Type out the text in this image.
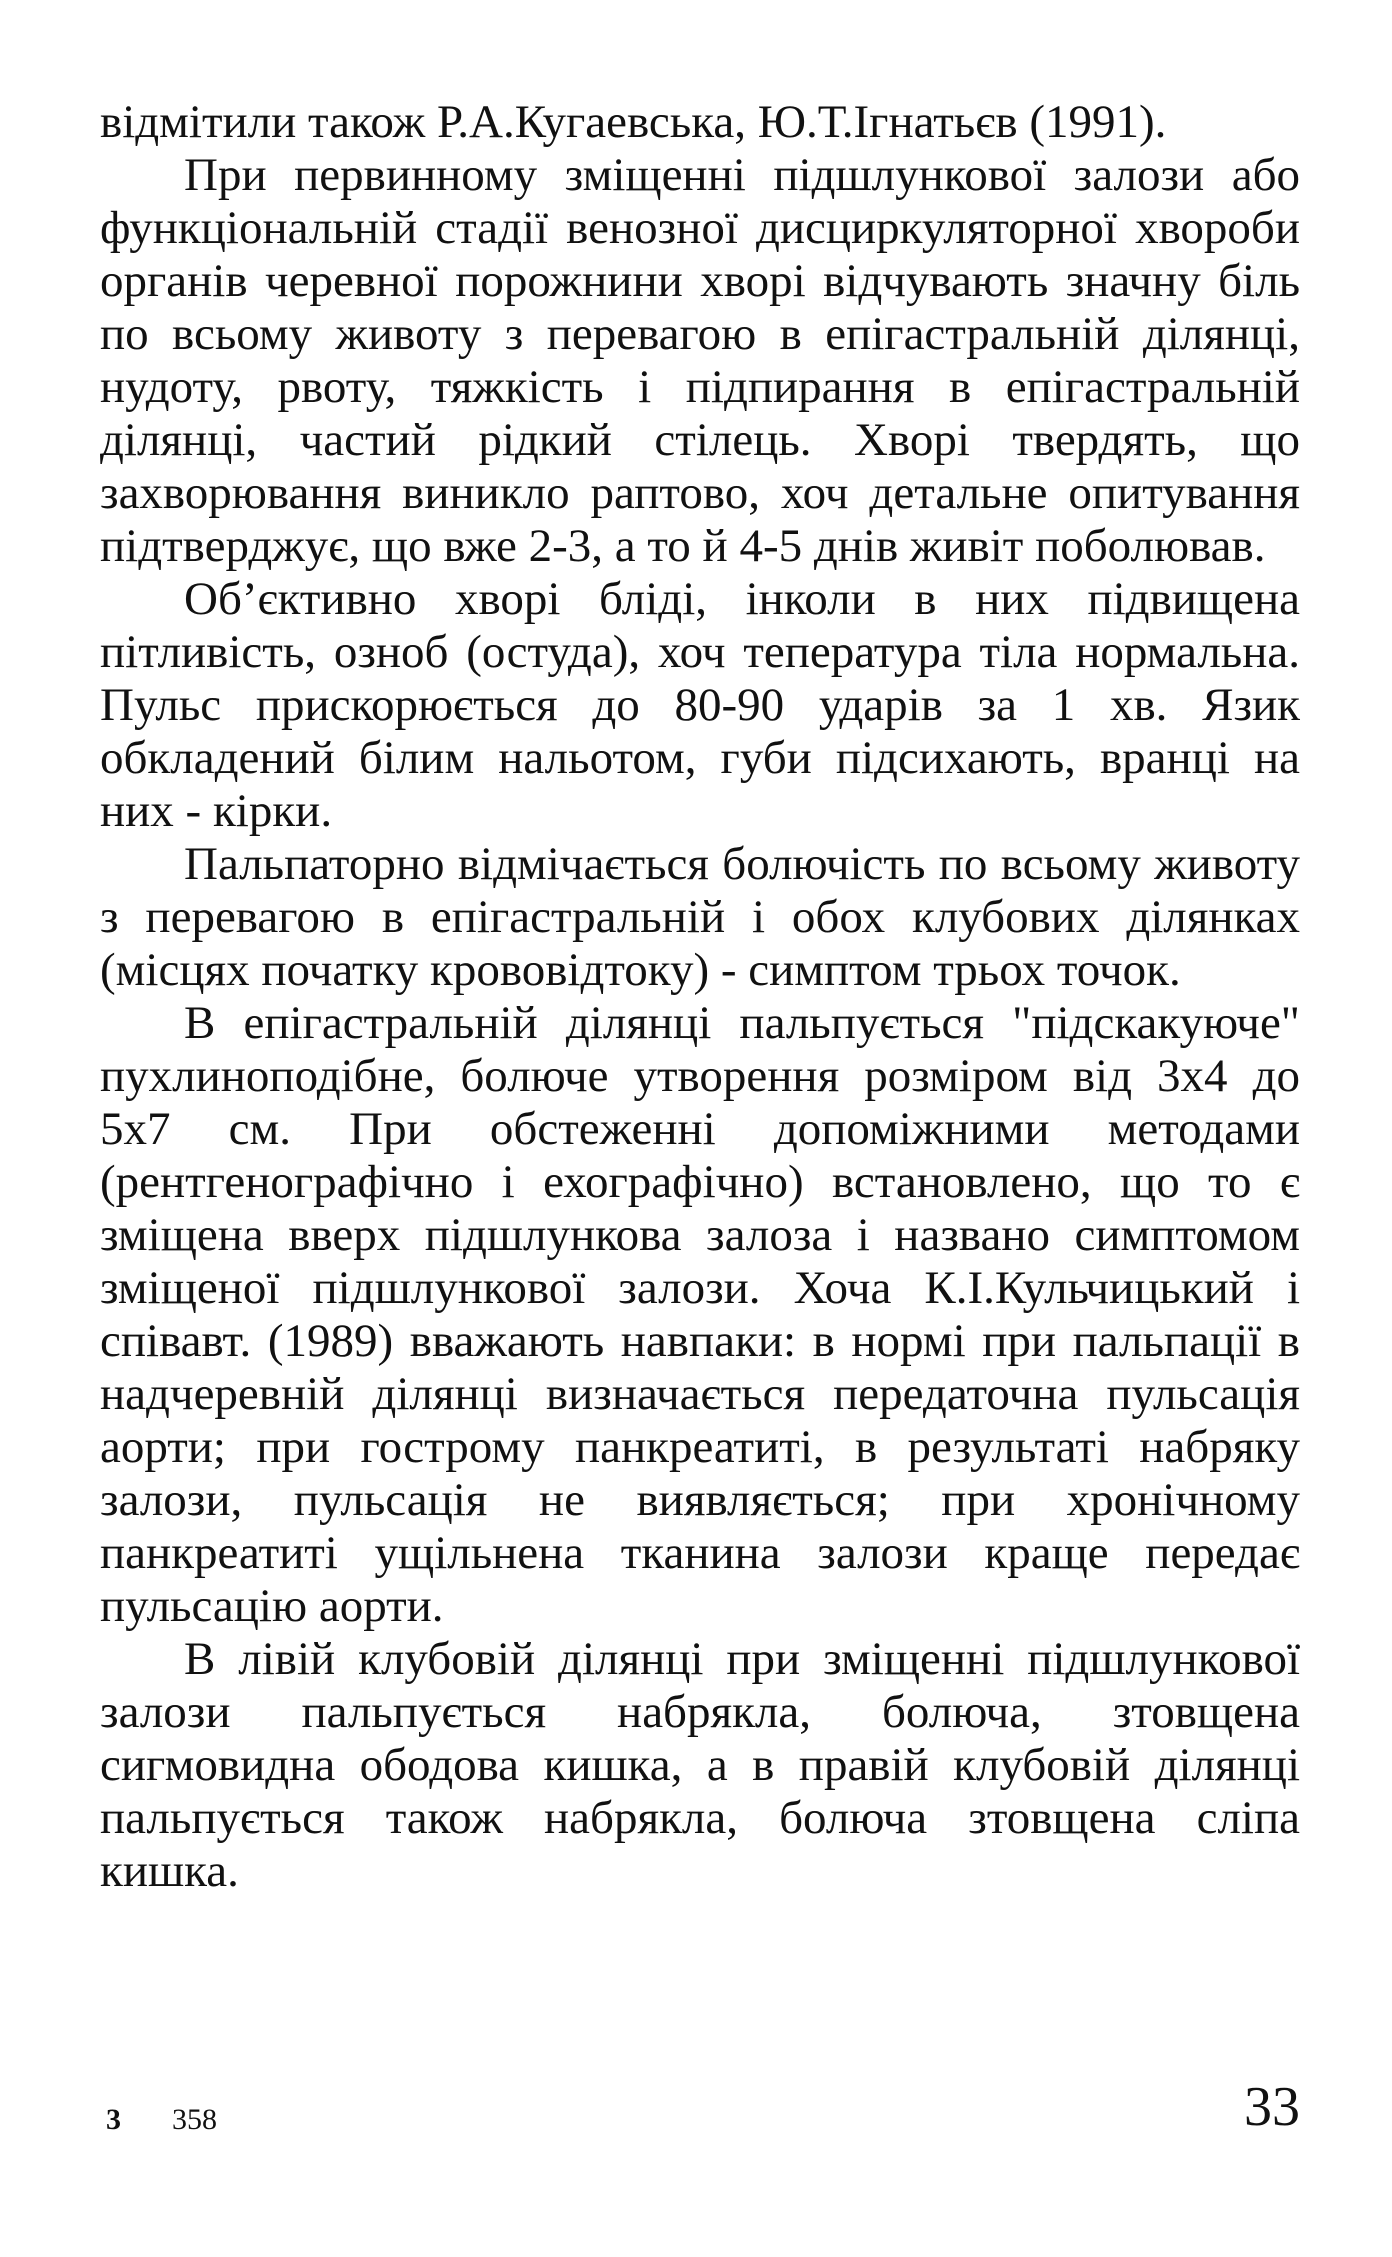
відмітили також Р.А.Кугаевська, Ю.Т.Ігнатьєв (1991).

При первинному зміщенні підшлункової залози або функціональній стадії венозної дисциркуляторної хвороби органів черевної порожнини хворі відчувають значну біль по всьому животу з перевагою в епігастральній ділянці, нудоту, рвоту, тяжкість і підпирання в епігастральній ділянці, частий рідкий стілець. Хворі твердять, що захворювання виникло раптово, хоч детальне опитування підтверджує, що вже 2-3, а то й 4-5 днів живіт поболював.

Об’єктивно хворі бліді, інколи в них підвищена пітливість, озноб (остуда), хоч тепература тіла нормальна. Пульс прискорюється до 80-90 ударів за 1 хв. Язик обкладений білим нальотом, губи підсихають, вранці на них - кірки.

Пальпаторно відмічається болючість по всьому животу з перевагою в епігастральній і обох клубових ділянках (місцях початку крововідтоку) - симптом трьох точок.

В епігастральній ділянці пальпується "підскакуюче" пухлиноподібне, болюче утворення розміром від 3х4 до 5х7 см. При обстеженні допоміжними методами (рентгенографічно і ехографічно) встановлено, що то є зміщена вверх підшлункова залоза і названо симптомом зміщеної підшлункової залози. Хоча К.І.Кульчицький і співавт. (1989) вважають навпаки: в нормі при пальпації в надчеревній ділянці визначається передаточна пульсація аорти; при гострому панкреатиті, в результаті набряку залози, пульсація не виявляється; при хронічному панкреатиті ущільнена тканина залози краще передає пульсацію аорти.

В лівій клубовій ділянці при зміщенні підшлункової залози пальпується набрякла, болюча, зтовщена сигмовидна ободова кишка, а в правій клубовій ділянці пальпується також набрякла, болюча зтовщена сліпа кишка.

3 358	33
